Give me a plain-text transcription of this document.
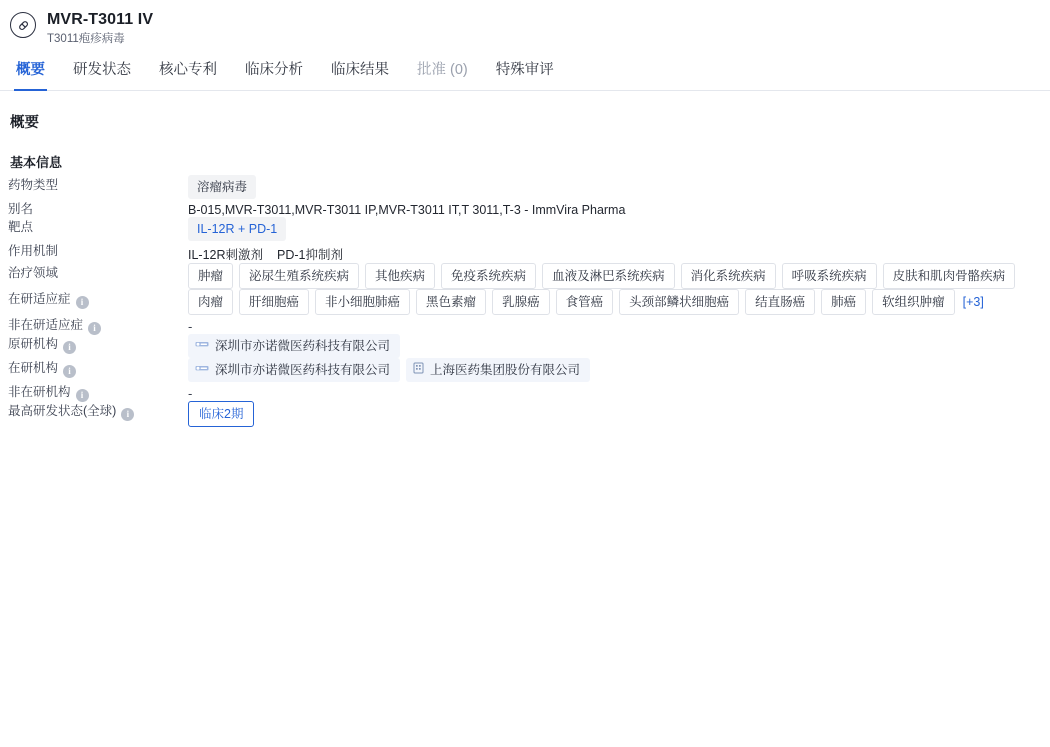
MVR-T3011 IV
T3011疱疹病毒
概要	研发状态	核心专利	临床分析	临床结果	批准 (0)	特殊审评
概要
基本信息
药物类型	溶瘤病毒

别名	B-015,MVR-T3011,MVR-T3011 IP,MVR-T3011 IT,T 3011,T-3 - ImmVira Pharma

靶点	IL-12R + PD-1

作用机制	IL-12R刺激剂 PD-1抑制剂

治疗领域	肿瘤	泌尿生殖系统疾病	其他疾病	免疫系统疾病	血液及淋巴系统疾病	消化系统疾病	呼吸系统疾病	皮肤和肌肉骨骼疾病

在研适应症 i	肉瘤	肝细胞癌	非小细胞肺癌	黑色素瘤	乳腺癌	食管癌	头颈部鳞状细胞癌	结直肠癌	肺癌	软组织肿瘤	[+3]

非在研适应症 i	-

原研机构 i	深圳市亦诺微医药科技有限公司

在研机构 i	深圳市亦诺微医药科技有限公司 上海医药集团股份有限公司

非在研机构 i	-

最高研发状态(全球) i	临床2期
